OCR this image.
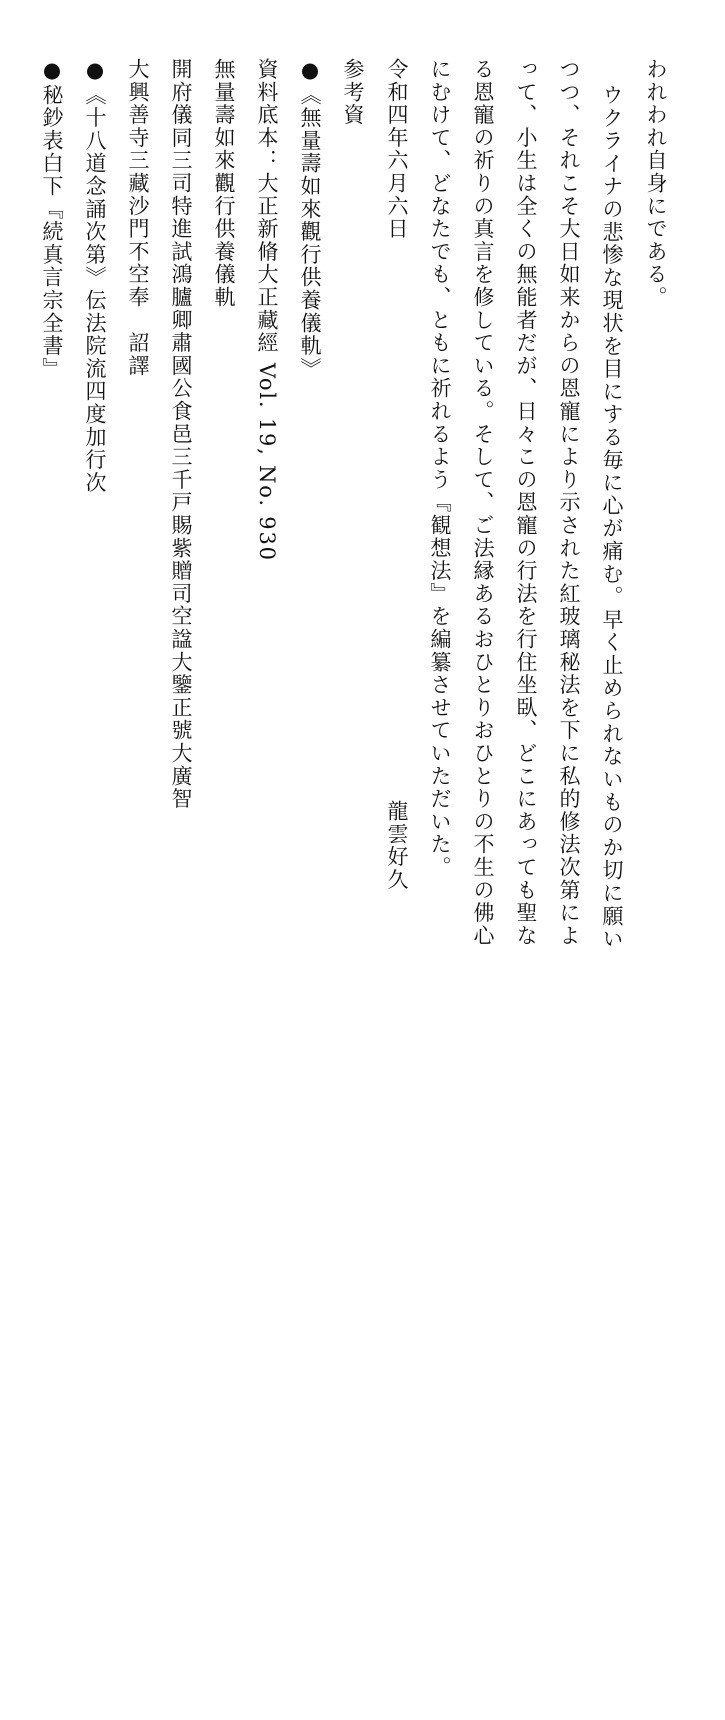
われわれ自身にである。
ウクライナの悲惨な現状を目にする毎に心が痛む。早く止められないものか切に願い
つつ、それこそ大日如来からの恩寵により示された紅玻璃秘法を下に私的修法次第によ
って、小生は全くの無能者だが、日々この恩寵の行法を行住坐臥、どこにあっても聖な
る恩寵の祈りの真言を修している。そして、ご法縁あるおひとりおひとりの不生の佛心
にむけて、どなたでも、ともに祈れるよう『観想法』を編纂させていただいた。
令和四年六月六日
龍雲好久
参考資
●《無量壽如來觀行供養儀軌》
資料底本：大正新脩大正藏經 Vol. 19, No. 930
無量壽如來觀行供養儀軌
開府儀同三司特進試鴻臚卿肅國公食邑三千戸賜紫贈司空諡大鑒正號大廣智
大興善寺三藏沙門不空奉　詔譯
●《十八道念誦次第》伝法院流四度加行次
●秘鈔表白下『続真言宗全書』
